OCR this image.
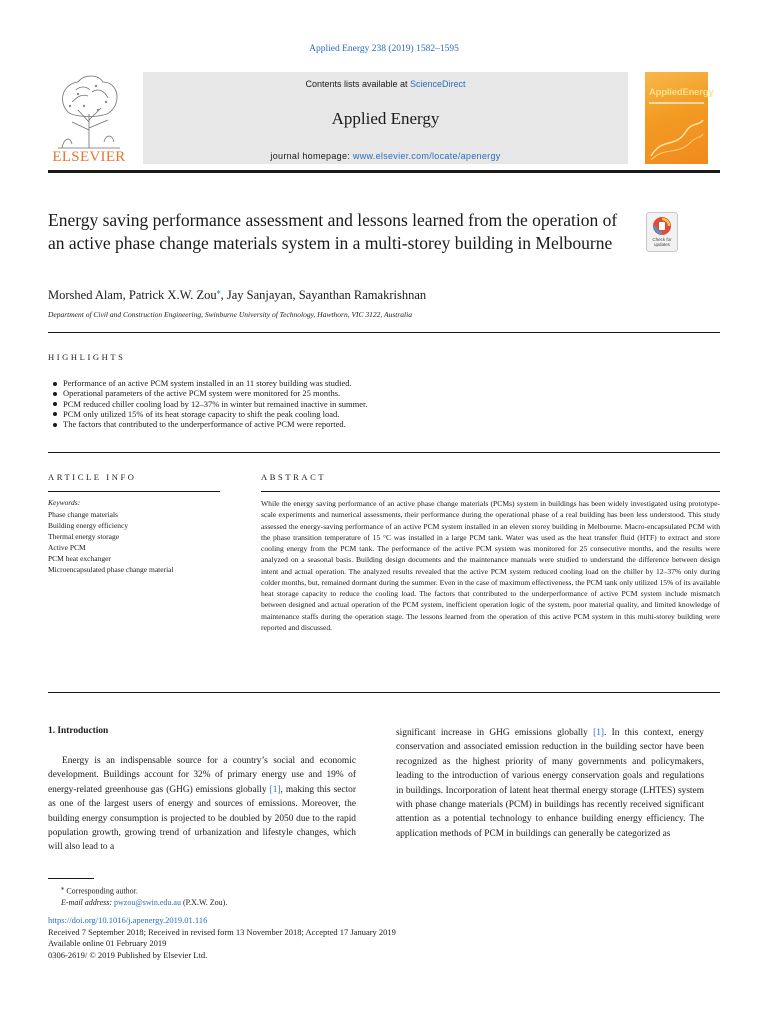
Applied Energy 238 (2019) 1582–1595
ELSEVIER
Contents lists available at ScienceDirect
Applied Energy
journal homepage: www.elsevier.com/locate/apenergy
AppliedEnergy
Energy saving performance assessment and lessons learned from the operation of an active phase change materials system in a multi-storey building in Melbourne	Check for updates
Morshed Alam, Patrick X.W. Zou⁎, Jay Sanjayan, Sayanthan Ramakrishnan
Department of Civil and Construction Engineering, Swinburne University of Technology, Hawthorn, VIC 3122, Australia
HIGHLIGHTS
Performance of an active PCM system installed in an 11 storey building was studied.
Operational parameters of the active PCM system were monitored for 25 months.
PCM reduced chiller cooling load by 12–37% in winter but remained inactive in summer.
PCM only utilized 15% of its heat storage capacity to shift the peak cooling load.
The factors that contributed to the underperformance of active PCM were reported.
ARTICLE INFO	ABSTRACT
Keywords:
Phase change materials
Building energy efficiency
Thermal energy storage
Active PCM
PCM heat exchanger
Microencapsulated phase change material

While the energy saving performance of an active phase change materials (PCMs) system in buildings has been widely investigated using prototype-scale experiments and numerical assessments, their performance during the operational phase of a real building has been less understood. This study assessed the energy-saving performance of an active PCM system installed in an eleven storey building in Melbourne. Macro-encapsulated PCM with the phase transition temperature of 15 °C was installed in a large PCM tank. Water was used as the heat transfer fluid (HTF) to extract and store cooling energy from the PCM tank. The performance of the active PCM system was monitored for 25 consecutive months, and the results were analyzed on a seasonal basis. Building design documents and the maintenance manuals were studied to understand the difference between design intent and actual operation. The analyzed results revealed that the active PCM system reduced cooling load on the chiller by 12–37% only during colder months, but, remained dormant during the summer. Even in the case of maximum effectiveness, the PCM tank only utilized 15% of its available heat storage capacity to reduce the cooling load. The factors that contributed to the underperformance of active PCM system include mismatch between designed and actual operation of the PCM system, inefficient operation logic of the system, poor material quality, and limited knowledge of maintenance staffs during the operation stage. The lessons learned from the operation of this active PCM system in this multi-storey building were reported and discussed.

1. Introduction

Energy is an indispensable source for a country’s social and economic development. Buildings account for 32% of primary energy use and 19% of energy-related greenhouse gas (GHG) emissions globally [1], making this sector as one of the largest users of energy and sources of emissions. Moreover, the building energy consumption is projected to be doubled by 2050 due to the rapid population growth, growing trend of urbanization and lifestyle changes, which will also lead to a

significant increase in GHG emissions globally [1]. In this context, energy conservation and associated emission reduction in the building sector have been recognized as the highest priority of many governments and policymakers, leading to the introduction of various energy conservation goals and regulations in buildings. Incorporation of latent heat thermal energy storage (LHTES) system with phase change materials (PCM) in buildings has recently received significant attention as a potential technology to enhance building energy efficiency. The application methods of PCM in buildings can generally be categorized as

⁎ Corresponding author.
E-mail address: pwzou@swin.edu.au (P.X.W. Zou).
https://doi.org/10.1016/j.apenergy.2019.01.116
Received 7 September 2018; Received in revised form 13 November 2018; Accepted 17 January 2019
Available online 01 February 2019
0306-2619/ © 2019 Published by Elsevier Ltd.
